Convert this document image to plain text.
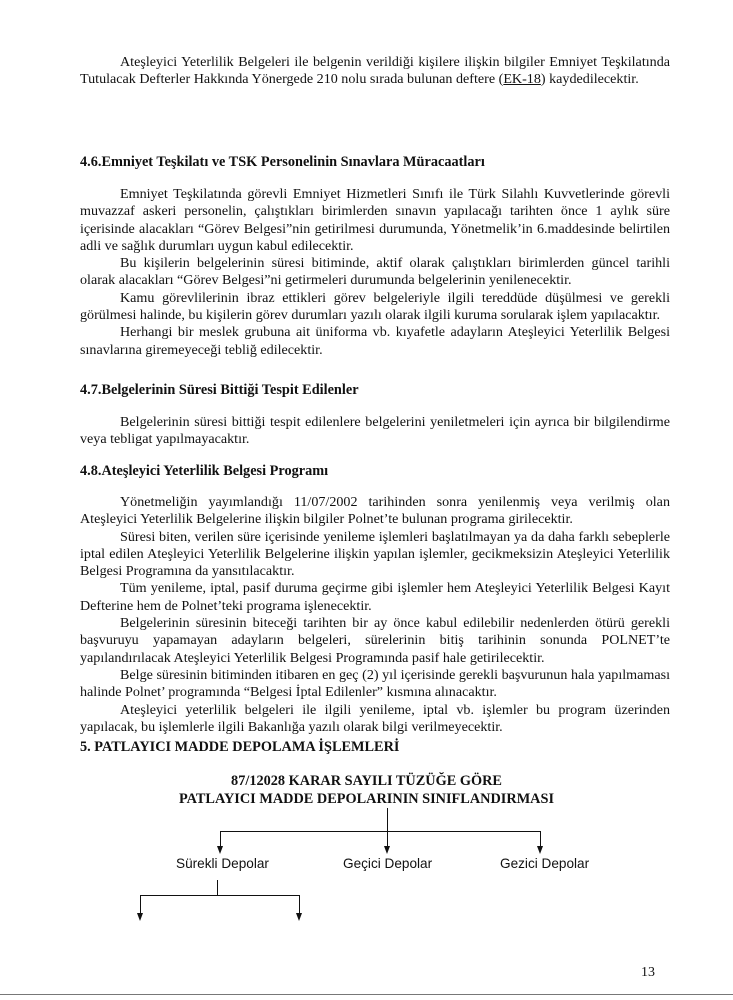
Ateşleyici Yeterlilik Belgeleri ile belgenin verildiği kişilere ilişkin bilgiler Emniyet Teşkilatında Tutulacak Defterler Hakkında Yönergede 210 nolu sırada bulunan deftere (EK-18) kaydedilecektir.

4.6.Emniyet Teşkilatı ve TSK Personelinin Sınavlara Müracaatları

Emniyet Teşkilatında görevli Emniyet Hizmetleri Sınıfı ile Türk Silahlı Kuvvetlerinde görevli muvazzaf askeri personelin, çalıştıkları birimlerden sınavın yapılacağı tarihten önce 1 aylık süre içerisinde alacakları “Görev Belgesi”nin getirilmesi durumunda, Yönetmelik’in 6.maddesinde belirtilen adli ve sağlık durumları uygun kabul edilecektir.

Bu kişilerin belgelerinin süresi bitiminde, aktif olarak çalıştıkları birimlerden güncel tarihli olarak alacakları “Görev Belgesi”ni getirmeleri durumunda belgelerinin yenilenecektir.

Kamu görevlilerinin ibraz ettikleri görev belgeleriyle ilgili tereddüde düşülmesi ve gerekli görülmesi halinde, bu kişilerin görev durumları yazılı olarak ilgili kuruma sorularak işlem yapılacaktır.

Herhangi bir meslek grubuna ait üniforma vb. kıyafetle adayların Ateşleyici Yeterlilik Belgesi sınavlarına giremeyeceği tebliğ edilecektir.

4.7.Belgelerinin Süresi Bittiği Tespit Edilenler

Belgelerinin süresi bittiği tespit edilenlere belgelerini yeniletmeleri için ayrıca bir bilgilendirme veya tebligat yapılmayacaktır.

4.8.Ateşleyici Yeterlilik Belgesi Programı

Yönetmeliğin yayımlandığı 11/07/2002 tarihinden sonra yenilenmiş veya verilmiş olan Ateşleyici Yeterlilik Belgelerine ilişkin bilgiler Polnet’te bulunan programa girilecektir.

Süresi biten, verilen süre içerisinde yenileme işlemleri başlatılmayan ya da daha farklı sebeplerle iptal edilen Ateşleyici Yeterlilik Belgelerine ilişkin yapılan işlemler, gecikmeksizin Ateşleyici Yeterlilik Belgesi Programına da yansıtılacaktır.

Tüm yenileme, iptal, pasif duruma geçirme gibi işlemler hem Ateşleyici Yeterlilik Belgesi Kayıt Defterine hem de Polnet’teki programa işlenecektir.

Belgelerinin süresinin biteceği tarihten bir ay önce kabul edilebilir nedenlerden ötürü gerekli başvuruyu yapamayan adayların belgeleri, sürelerinin bitiş tarihinin sonunda POLNET’te yapılandırılacak Ateşleyici Yeterlilik Belgesi Programında pasif hale getirilecektir.

Belge süresinin bitiminden itibaren en geç (2) yıl içerisinde gerekli başvurunun hala yapılmaması halinde Polnet’ programında “Belgesi İptal Edilenler” kısmına alınacaktır.

Ateşleyici yeterlilik belgeleri ile ilgili yenileme, iptal vb. işlemler bu program üzerinden yapılacak, bu işlemlerle ilgili Bakanlığa yazılı olarak bilgi verilmeyecektir.

5. PATLAYICI MADDE DEPOLAMA İŞLEMLERİ
87/12028 KARAR SAYILI TÜZÜĞE GÖRE
PATLAYICI MADDE DEPOLARININ SINIFLANDIRMASI
Sürekli Depolar	Geçici Depolar	Gezici Depolar
13
